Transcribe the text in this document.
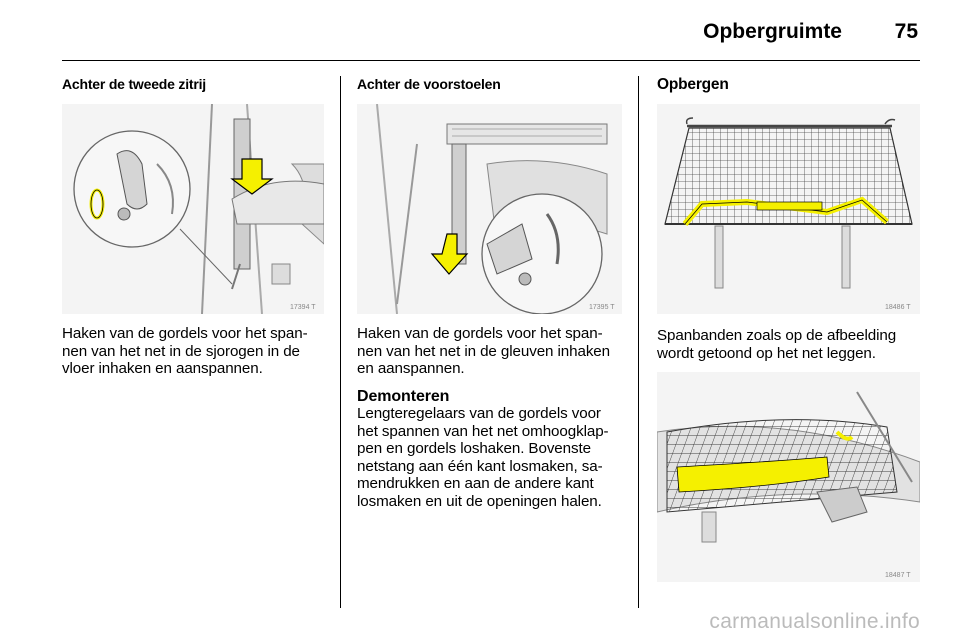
Opbergruimte	75
Achter de tweede zitrij
17394 T
Haken van de gordels voor het span-
nen van het net in de sjorogen in de
vloer inhaken en aanspannen.
Achter de voorstoelen
17395 T
Haken van de gordels voor het span-
nen van het net in de gleuven inhaken
en aanspannen.
Demonteren
Lengteregelaars van de gordels voor
het spannen van het net omhoogklap-
pen en gordels loshaken. Bovenste
netstang aan één kant losmaken, sa-
mendrukken en aan de andere kant
losmaken en uit de openingen halen.
Opbergen
18486 T
Spanbanden zoals op de afbeelding
wordt getoond op het net leggen.
18487 T
carmanualsonline.info
